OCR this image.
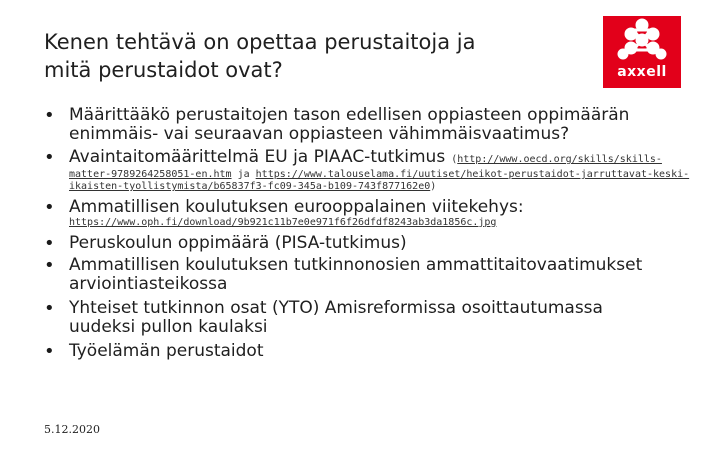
Kenen tehtävä on opettaa perustaitoja ja
mitä perustaidot ovat?	axxell
• Määrittääkö perustaitojen tason edellisen oppiasteen oppimäärän
enimmäis- vai seuraavan oppiasteen vähimmäisvaatimus?
• Avaintaitomäärittelmä EU ja PIAAC-tutkimus (http://www.oecd.org/skills/skills-
matter-9789264258051-en.htm ja https://www.talouselama.fi/uutiset/heikot-perustaidot-jarruttavat-keski-
ikaisten-tyollistymista/b65837f3-fc09-345a-b109-743f877162e0)
• Ammatillisen koulutuksen eurooppalainen viitekehys:
https://www.oph.fi/download/9b921c11b7e0e971f6f26dfdf8243ab3da1856c.jpg
• Peruskoulun oppimäärä (PISA-tutkimus)
• Ammatillisen koulutuksen tutkinnonosien ammattitaitovaatimukset
arviointiasteikossa
• Yhteiset tutkinnon osat (YTO) Amisreformissa osoittautumassa
uudeksi pullon kaulaksi
• Työelämän perustaidot
5.12.2020
